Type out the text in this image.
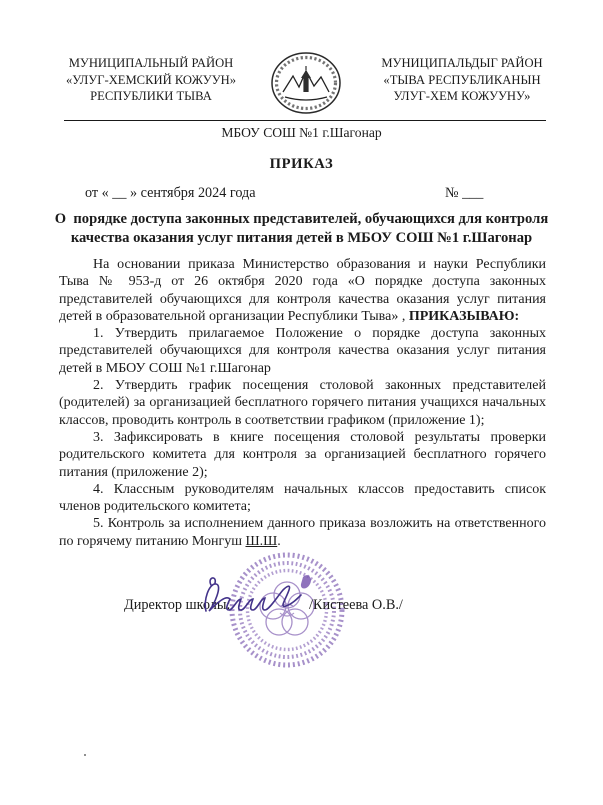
МУНИЦИПАЛЬНЫЙ РАЙОН
«УЛУГ-ХЕМСКИЙ КОЖУУН»
РЕСПУБЛИКИ ТЫВА
МУНИЦИПАЛЬДЫГ РАЙОН
«ТЫВА РЕСПУБЛИКАНЫН
УЛУГ-ХЕМ КОЖУУНУ»
МБОУ СОШ №1 г.Шагонар
ПРИКАЗ
от « __ » сентября 2024 года	№ ___
О  порядке доступа законных представителей, обучающихся для контроля
качества оказания услуг питания детей в МБОУ СОШ №1 г.Шагонар

На основании приказа Министерство образования и науки Республики Тыва № 953-д от 26 октября 2020 года «О порядке доступа законных представителей обучающихся для контроля качества оказания услуг питания детей в образовательной организации Республики Тыва» , ПРИКАЗЫВАЮ:

1. Утвердить прилагаемое Положение о порядке доступа законных представителей обучающихся для контроля качества оказания услуг питания детей в МБОУ СОШ №1 г.Шагонар

2. Утвердить график посещения столовой законных представителей (родителей) за организацией бесплатного горячего питания учащихся начальных классов, проводить контроль в соответствии графиком (приложение 1);

3. Зафиксировать в книге посещения столовой результаты проверки родительского комитета для контроля за организацией бесплатного горячего питания (приложение 2);

4. Классным руководителям начальных классов предоставить список членов родительского комитета;

5. Контроль за исполнением данного приказа возложить на ответственного по горячему питанию Монгуш Ш.Ш.

Директор школы:	/Кистеева О.В./
